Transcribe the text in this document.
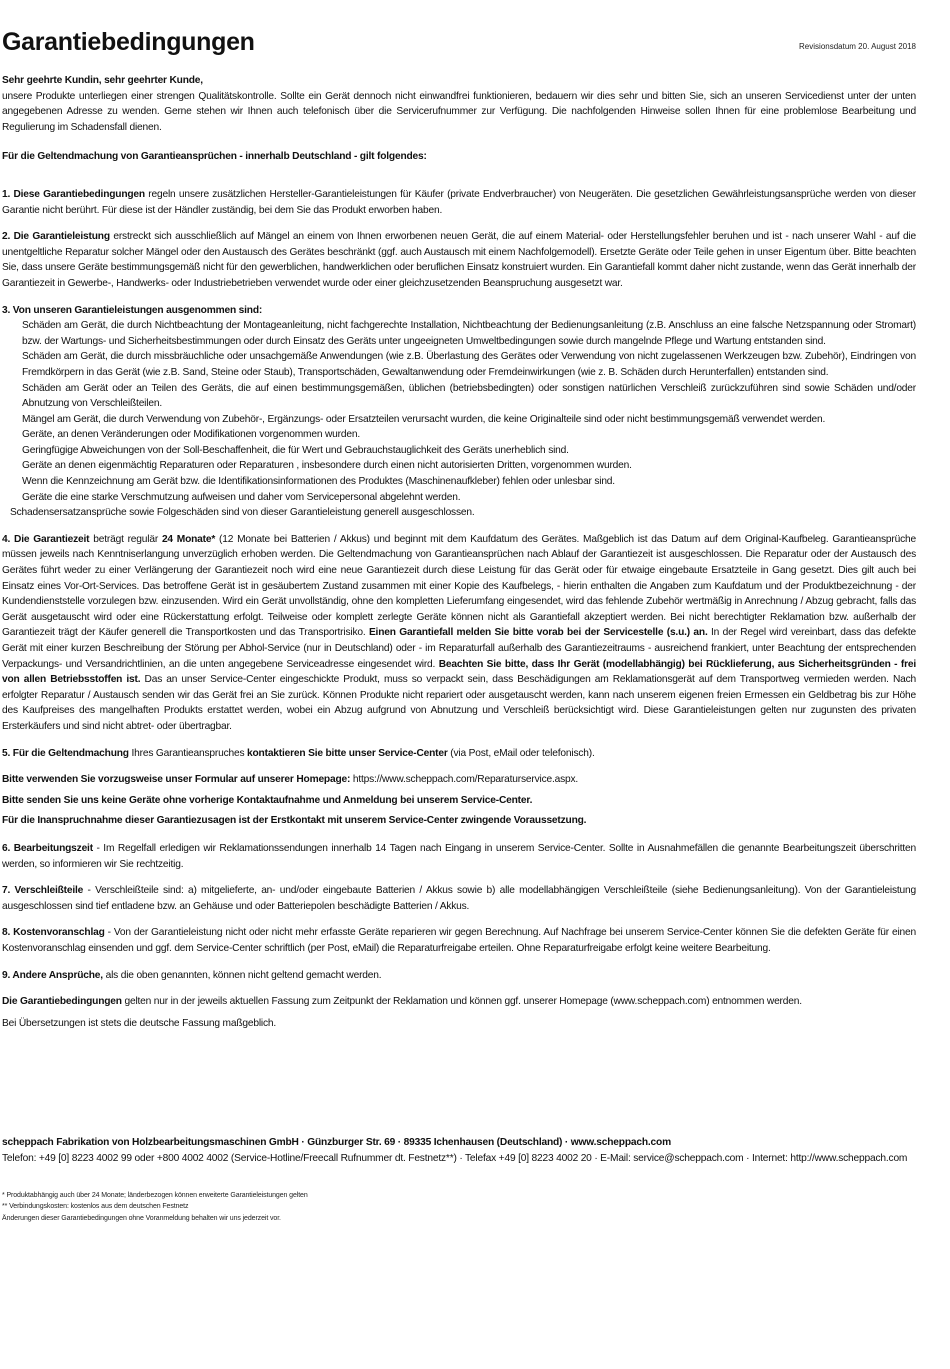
Garantiebedingungen	Revisionsdatum 20. August 2018

Sehr geehrte Kundin, sehr geehrter Kunde,
unsere Produkte unterliegen einer strengen Qualitätskontrolle. Sollte ein Gerät dennoch nicht einwandfrei funktionieren, bedauern wir dies sehr und bitten Sie, sich an unseren Servicedienst unter der unten angegebenen Adresse zu wenden. Gerne stehen wir Ihnen auch telefonisch über die Servicerufnummer zur Verfügung. Die nachfolgenden Hinweise sollen Ihnen für eine problemlose Bearbeitung und Regulierung im Schadensfall dienen.

Für die Geltendmachung von Garantieansprüchen - innerhalb Deutschland - gilt folgendes:

1. Diese Garantiebedingungen regeln unsere zusätzlichen Hersteller-Garantieleistungen für Käufer (private Endverbraucher) von Neugeräten. Die gesetzlichen Gewährleistungsansprüche werden von dieser Garantie nicht berührt. Für diese ist der Händler zuständig, bei dem Sie das Produkt erworben haben.

2. Die Garantieleistung erstreckt sich ausschließlich auf Mängel an einem von Ihnen erworbenen neuen Gerät, die auf einem Material- oder Herstellungsfehler beruhen und ist - nach unserer Wahl - auf die unentgeltliche Reparatur solcher Mängel oder den Austausch des Gerätes beschränkt (ggf. auch Austausch mit einem Nachfolgemodell). Ersetzte Geräte oder Teile gehen in unser Eigentum über. Bitte beachten Sie, dass unsere Geräte bestimmungsgemäß nicht für den gewerblichen, handwerklichen oder beruflichen Einsatz konstruiert wurden. Ein Garantiefall kommt daher nicht zustande, wenn das Gerät innerhalb der Garantiezeit in Gewerbe-, Handwerks- oder Industriebetrieben verwendet wurde oder einer gleichzusetzenden Beanspruchung ausgesetzt war.

3. Von unseren Garantieleistungen ausgenommen sind:
Schäden am Gerät, die durch Nichtbeachtung der Montageanleitung, nicht fachgerechte Installation, Nichtbeachtung der Bedienungsanleitung (z.B. Anschluss an eine falsche Netzspannung oder Stromart) bzw. der Wartungs- und Sicherheitsbestimmungen oder durch Einsatz des Geräts unter ungeeigneten Umweltbedingungen sowie durch mangelnde Pflege und Wartung entstanden sind.
Schäden am Gerät, die durch missbräuchliche oder unsachgemäße Anwendungen (wie z.B. Überlastung des Gerätes oder Verwendung von nicht zugelassenen Werkzeugen bzw. Zubehör), Eindringen von Fremdkörpern in das Gerät (wie z.B. Sand, Steine oder Staub), Transportschäden, Gewaltanwendung oder Fremdeinwirkungen (wie z. B. Schäden durch Herunterfallen) entstanden sind.
Schäden am Gerät oder an Teilen des Geräts, die auf einen bestimmungsgemäßen, üblichen (betriebsbedingten) oder sonstigen natürlichen Verschleiß zurückzuführen sind sowie Schäden und/oder Abnutzung von Verschleißteilen.
Mängel am Gerät, die durch Verwendung von Zubehör-, Ergänzungs- oder Ersatzteilen verursacht wurden, die keine Originalteile sind oder nicht bestimmungsgemäß verwendet werden.
Geräte, an denen Veränderungen oder Modifikationen vorgenommen wurden.
Geringfügige Abweichungen von der Soll-Beschaffenheit, die für Wert und Gebrauchstauglichkeit des Geräts unerheblich sind.
Geräte an denen eigenmächtig Reparaturen oder Reparaturen , insbesondere durch einen nicht autorisierten Dritten, vorgenommen wurden.
Wenn die Kennzeichnung am Gerät bzw. die Identifikationsinformationen des Produktes (Maschinenaufkleber) fehlen oder unlesbar sind.
Geräte die eine starke Verschmutzung aufweisen und daher vom Servicepersonal abgelehnt werden.
Schadensersatzansprüche sowie Folgeschäden sind von dieser Garantieleistung generell ausgeschlossen.

4. Die Garantiezeit beträgt regulär 24 Monate* (12 Monate bei Batterien / Akkus) und beginnt mit dem Kaufdatum des Gerätes. Maßgeblich ist das Datum auf dem Original-Kaufbeleg. Garantieansprüche müssen jeweils nach Kenntniserlangung unverzüglich erhoben werden. Die Geltendmachung von Garantieansprüchen nach Ablauf der Garantiezeit ist ausgeschlossen. Die Reparatur oder der Austausch des Gerätes führt weder zu einer Verlängerung der Garantiezeit noch wird eine neue Garantiezeit durch diese Leistung für das Gerät oder für etwaige eingebaute Ersatzteile in Gang gesetzt. Dies gilt auch bei Einsatz eines Vor-Ort-Services. Das betroffene Gerät ist in gesäubertem Zustand zusammen mit einer Kopie des Kaufbelegs, - hierin enthalten die Angaben zum Kaufdatum und der Produktbezeichnung - der Kundendienststelle vorzulegen bzw. einzusenden. Wird ein Gerät unvollständig, ohne den kompletten Lieferumfang eingesendet, wird das fehlende Zubehör wertmäßig in Anrechnung / Abzug gebracht, falls das Gerät ausgetauscht wird oder eine Rückerstattung erfolgt. Teilweise oder komplett zerlegte Geräte können nicht als Garantiefall akzeptiert werden. Bei nicht berechtigter Reklamation bzw. außerhalb der Garantiezeit trägt der Käufer generell die Transportkosten und das Transportrisiko. Einen Garantiefall melden Sie bitte vorab bei der Servicestelle (s.u.) an. In der Regel wird vereinbart, dass das defekte Gerät mit einer kurzen Beschreibung der Störung per Abhol-Service (nur in Deutschland) oder - im Reparaturfall außerhalb des Garantiezeitraums - ausreichend frankiert, unter Beachtung der entsprechenden Verpackungs- und Versandrichtlinien, an die unten angegebene Serviceadresse eingesendet wird. Beachten Sie bitte, dass Ihr Gerät (modellabhängig) bei Rücklieferung, aus Sicherheitsgründen - frei von allen Betriebsstoffen ist. Das an unser Service-Center eingeschickte Produkt, muss so verpackt sein, dass Beschädigungen am Reklamationsgerät auf dem Transportweg vermieden werden. Nach erfolgter Reparatur / Austausch senden wir das Gerät frei an Sie zurück. Können Produkte nicht repariert oder ausgetauscht werden, kann nach unserem eigenen freien Ermessen ein Geldbetrag bis zur Höhe des Kaufpreises des mangelhaften Produkts erstattet werden, wobei ein Abzug aufgrund von Abnutzung und Verschleiß berücksichtigt wird. Diese Garantieleistungen gelten nur zugunsten des privaten Ersterkäufers und sind nicht abtret- oder übertragbar.

5. Für die Geltendmachung Ihres Garantieanspruches kontaktieren Sie bitte unser Service-Center (via Post, eMail oder telefonisch).

Bitte verwenden Sie vorzugsweise unser Formular auf unserer Homepage: https://www.scheppach.com/Reparaturservice.aspx.

Bitte senden Sie uns keine Geräte ohne vorherige Kontaktaufnahme und Anmeldung bei unserem Service-Center.

Für die Inanspruchnahme dieser Garantiezusagen ist der Erstkontakt mit unserem Service-Center zwingende Voraussetzung.

6. Bearbeitungszeit - Im Regelfall erledigen wir Reklamationssendungen innerhalb 14 Tagen nach Eingang in unserem Service-Center. Sollte in Ausnahmefällen die genannte Bearbeitungszeit überschritten werden, so informieren wir Sie rechtzeitig.

7. Verschleißteile - Verschleißteile sind: a) mitgelieferte, an- und/oder eingebaute Batterien / Akkus sowie b) alle modellabhängigen Verschleißteile (siehe Bedienungsanleitung). Von der Garantieleistung ausgeschlossen sind tief entladene bzw. an Gehäuse und oder Batteriepolen beschädigte Batterien / Akkus.

8. Kostenvoranschlag - Von der Garantieleistung nicht oder nicht mehr erfasste Geräte reparieren wir gegen Berechnung. Auf Nachfrage bei unserem Service-Center können Sie die defekten Geräte für einen Kostenvoranschlag einsenden und ggf. dem Service-Center schriftlich (per Post, eMail) die Reparaturfreigabe erteilen. Ohne Reparaturfreigabe erfolgt keine weitere Bearbeitung.

9. Andere Ansprüche, als die oben genannten, können nicht geltend gemacht werden.

Die Garantiebedingungen gelten nur in der jeweils aktuellen Fassung zum Zeitpunkt der Reklamation und können ggf. unserer Homepage (www.scheppach.com) entnommen werden.

Bei Übersetzungen ist stets die deutsche Fassung maßgeblich.

scheppach Fabrikation von Holzbearbeitungsmaschinen GmbH · Günzburger Str. 69 · 89335 Ichenhausen (Deutschland) · www.scheppach.com
Telefon: +49 [0] 8223 4002 99 oder +800 4002 4002 (Service-Hotline/Freecall Rufnummer dt. Festnetz**) · Telefax +49 [0] 8223 4002 20 · E-Mail: service@scheppach.com · Internet: http://www.scheppach.com
* Produktabhängig auch über 24 Monate; länderbezogen können erweiterte Garantieleistungen gelten
** Verbindungskosten: kostenlos aus dem deutschen Festnetz
Änderungen dieser Garantiebedingungen ohne Voranmeldung behalten wir uns jederzeit vor.
